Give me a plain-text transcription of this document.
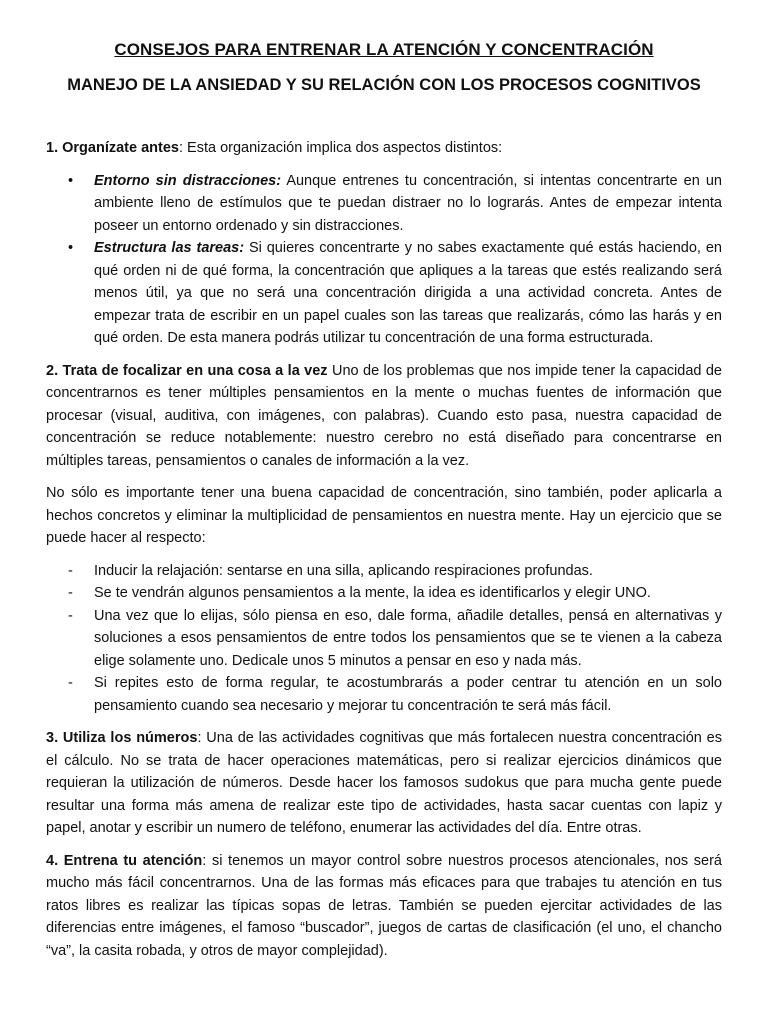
CONSEJOS PARA ENTRENAR LA ATENCIÓN Y CONCENTRACIÓN
MANEJO DE LA ANSIEDAD Y SU RELACIÓN CON LOS PROCESOS COGNITIVOS

1. Organízate antes: Esta organización implica dos aspectos distintos:

• Entorno sin distracciones: Aunque entrenes tu concentración, si intentas concentrarte en un ambiente lleno de estímulos que te puedan distraer no lo lograrás. Antes de empezar intenta poseer un entorno ordenado y sin distracciones.
• Estructura las tareas: Si quieres concentrarte y no sabes exactamente qué estás haciendo, en qué orden ni de qué forma, la concentración que apliques a la tareas que estés realizando será menos útil, ya que no será una concentración dirigida a una actividad concreta. Antes de empezar trata de escribir en un papel cuales son las tareas que realizarás, cómo las harás y en qué orden. De esta manera podrás utilizar tu concentración de una forma estructurada.

2. Trata de focalizar en una cosa a la vez Uno de los problemas que nos impide tener la capacidad de concentrarnos es tener múltiples pensamientos en la mente o muchas fuentes de información que procesar (visual, auditiva, con imágenes, con palabras). Cuando esto pasa, nuestra capacidad de concentración se reduce notablemente: nuestro cerebro no está diseñado para concentrarse en múltiples tareas, pensamientos o canales de información a la vez.

No sólo es importante tener una buena capacidad de concentración, sino también, poder aplicarla a hechos concretos y eliminar la multiplicidad de pensamientos en nuestra mente. Hay un ejercicio que se puede hacer al respecto:

- Inducir la relajación: sentarse en una silla, aplicando respiraciones profundas.
- Se te vendrán algunos pensamientos a la mente, la idea es identificarlos y elegir UNO.
- Una vez que lo elijas, sólo piensa en eso, dale forma, añadile detalles, pensá en alternativas y soluciones a esos pensamientos de entre todos los pensamientos que se te vienen a la cabeza elige solamente uno. Dedicale unos 5 minutos a pensar en eso y nada más.
- Si repites esto de forma regular, te acostumbrarás a poder centrar tu atención en un solo pensamiento cuando sea necesario y mejorar tu concentración te será más fácil.

3. Utiliza los números: Una de las actividades cognitivas que más fortalecen nuestra concentración es el cálculo. No se trata de hacer operaciones matemáticas, pero si realizar ejercicios dinámicos que requieran la utilización de números. Desde hacer los famosos sudokus que para mucha gente puede resultar una forma más amena de realizar este tipo de actividades, hasta sacar cuentas con lapiz y papel, anotar y escribir un numero de teléfono, enumerar las actividades del día. Entre otras.

4. Entrena tu atención: si tenemos un mayor control sobre nuestros procesos atencionales, nos será mucho más fácil concentrarnos. Una de las formas más eficaces para que trabajes tu atención en tus ratos libres es realizar las típicas sopas de letras. También se pueden ejercitar actividades de las diferencias entre imágenes, el famoso “buscador”, juegos de cartas de clasificación (el uno, el chancho “va”, la casita robada, y otros de mayor complejidad).
